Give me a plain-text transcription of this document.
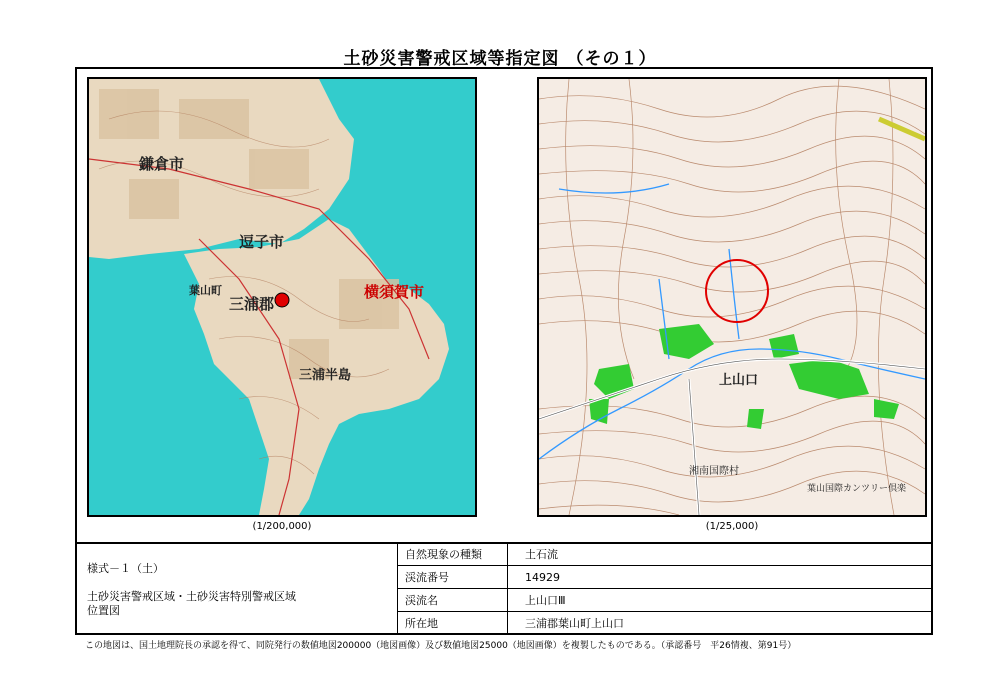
土砂災害警戒区域等指定図 （その１）
鎌倉市
逗子市
葉山町
三浦郡
横須賀市
三浦半島
(1/200,000)
上山口
葉山国際カンツリー倶楽
湘南国際村
(1/25,000)
様式－１（土）
土砂災害警戒区域・土砂災害特別警戒区域
位置図
自然現象の種類	土石流
渓流番号	14929
渓流名	上山口Ⅲ
所在地	三浦郡葉山町上山口
この地図は、国土地理院長の承認を得て、同院発行の数値地図200000（地図画像）及び数値地図25000（地図画像）を複製したものである。（承認番号　平26情複、第91号）
